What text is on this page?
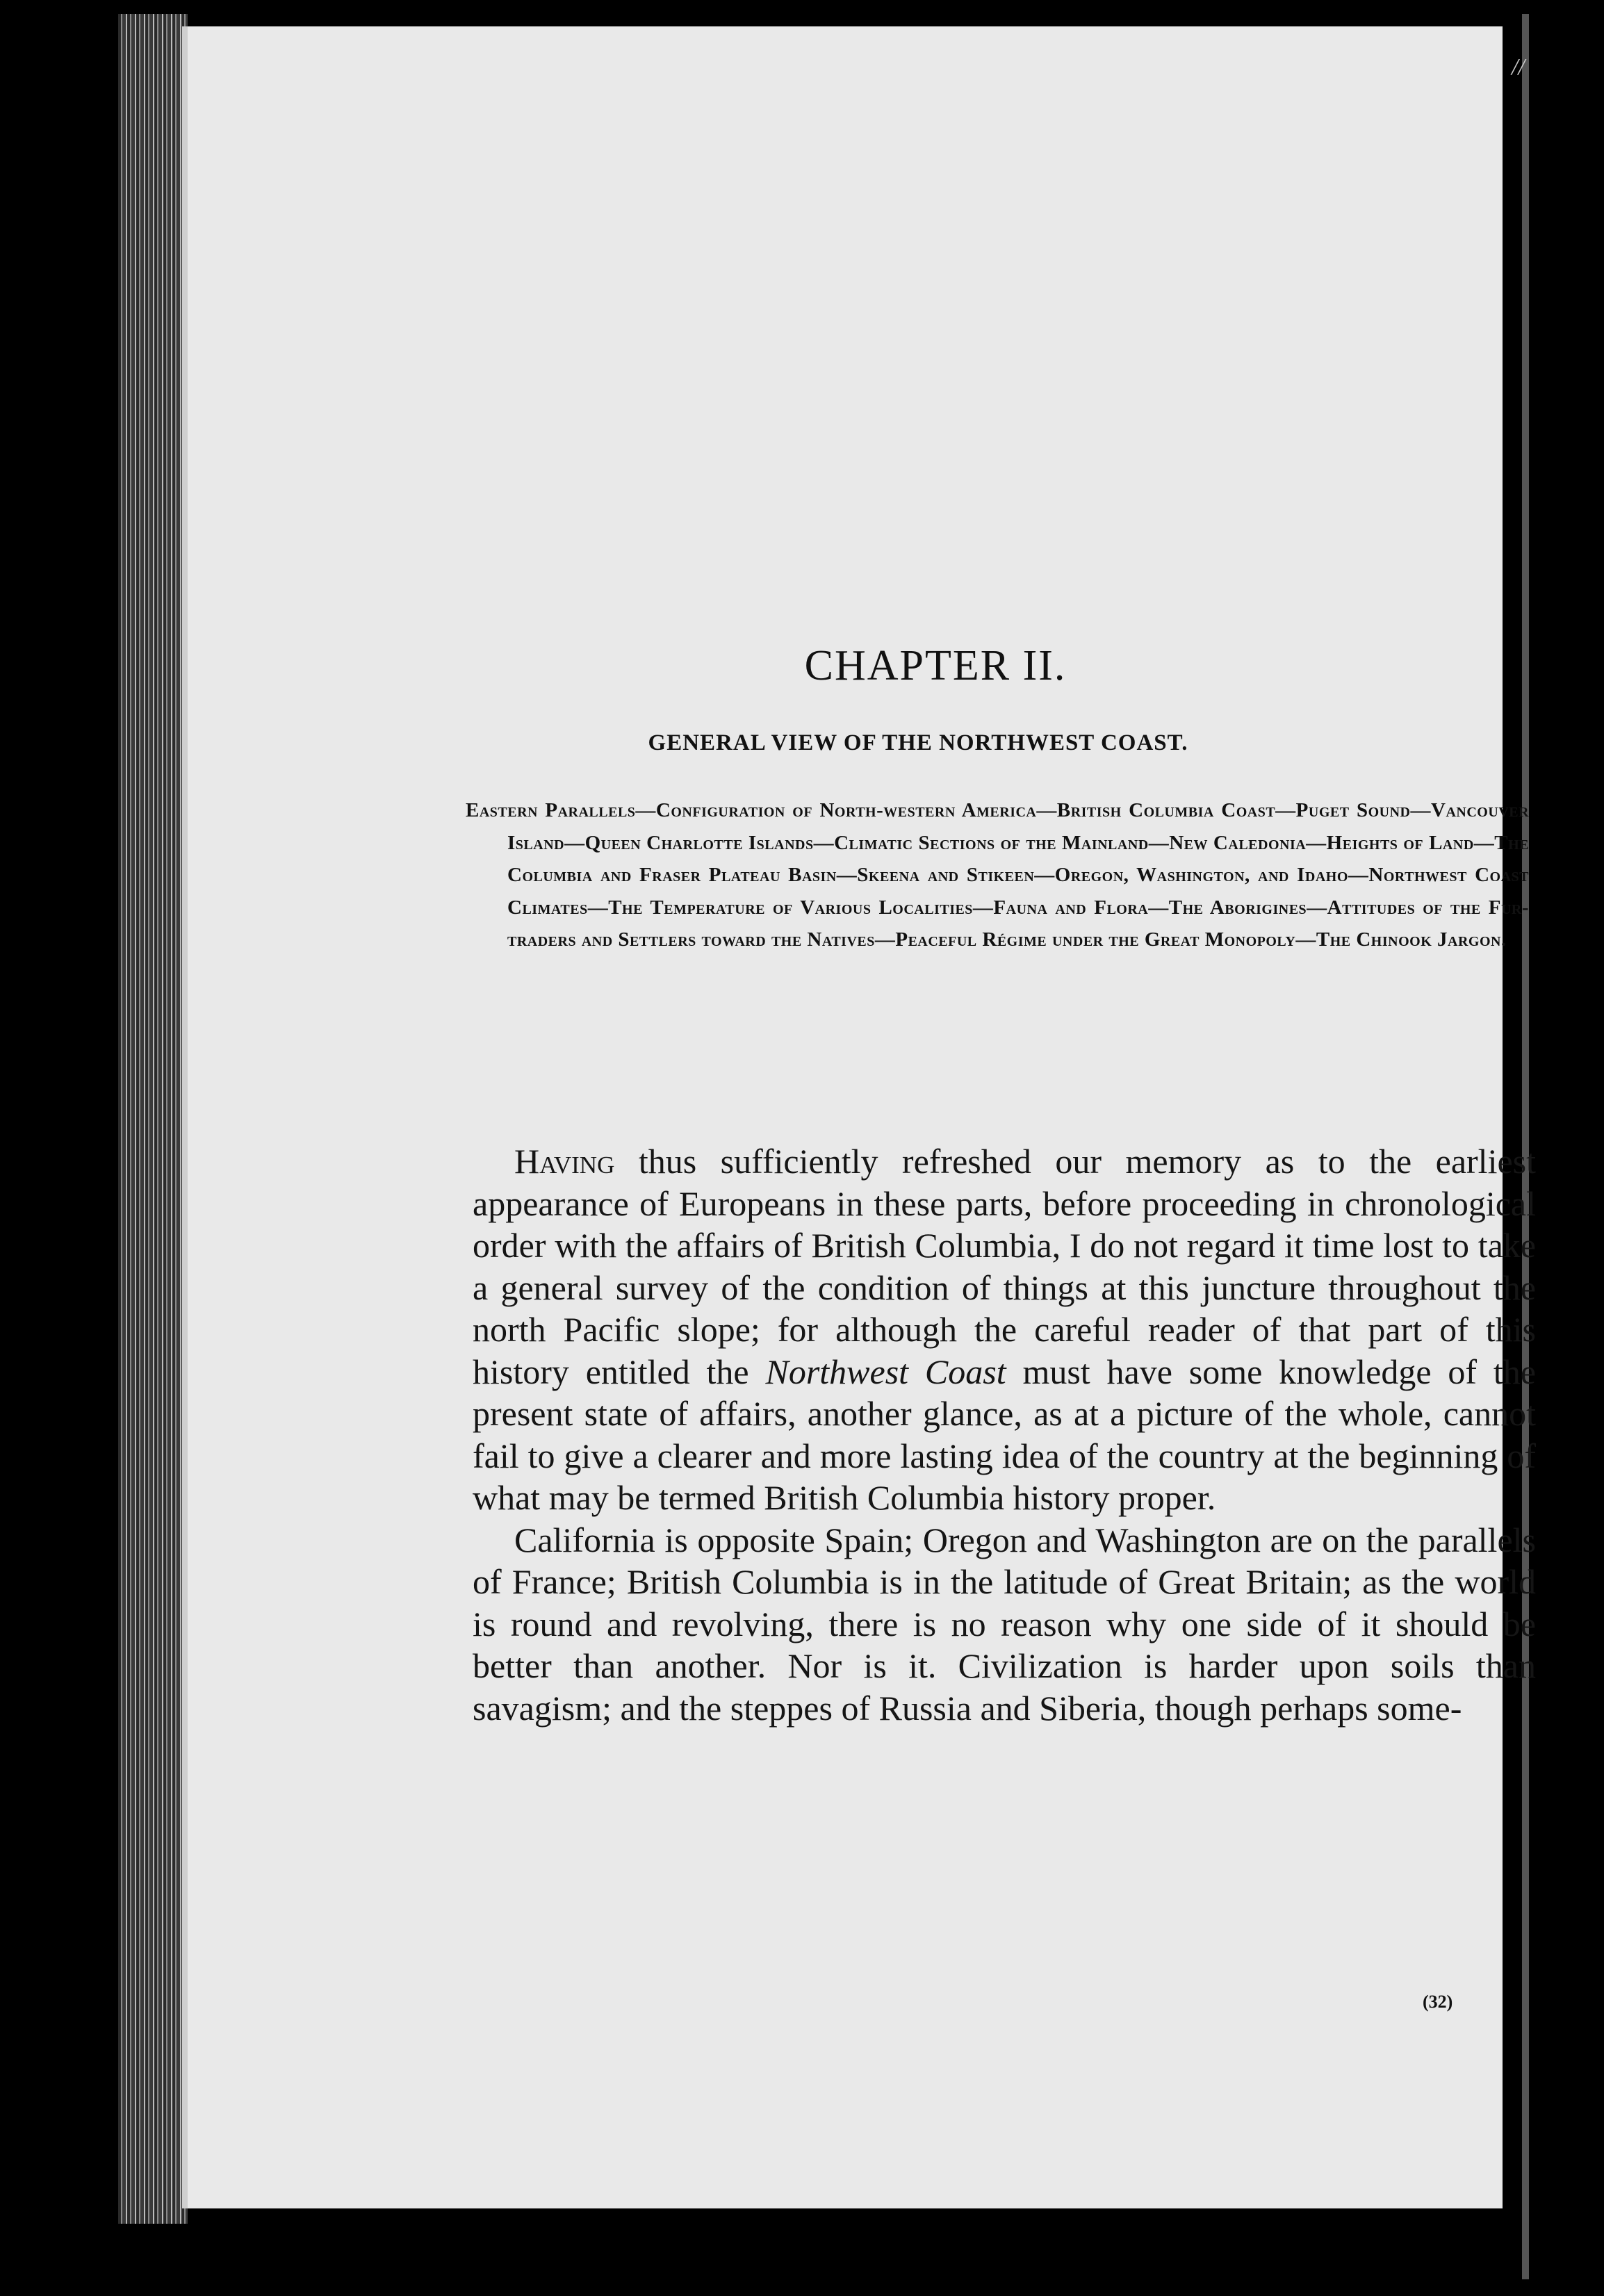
//
CHAPTER II.
GENERAL VIEW OF THE NORTHWEST COAST.
Eastern Parallels—Configuration of North-western America—British Columbia Coast—Puget Sound—Vancouver Island—Queen Charlotte Islands—Climatic Sections of the Mainland—New Caledonia—Heights of Land—The Columbia and Fraser Plateau Basin—Skeena and Stikeen—Oregon, Washington, and Idaho—Northwest Coast Climates—The Temperature of Various Localities—Fauna and Flora—The Aborigines—Attitudes of the Fur-traders and Settlers toward the Natives—Peaceful Régime under the Great Monopoly—The Chinook Jargon.

Having thus sufficiently refreshed our memory as to the earliest appearance of Europeans in these parts, before proceeding in chronological order with the affairs of British Columbia, I do not regard it time lost to take a general survey of the condition of things at this juncture throughout the north Pacific slope; for although the careful reader of that part of this history entitled the Northwest Coast must have some knowledge of the present state of affairs, another glance, as at a picture of the whole, cannot fail to give a clearer and more lasting idea of the country at the beginning of what may be termed British Columbia history proper.

California is opposite Spain; Oregon and Washington are on the parallels of France; British Columbia is in the latitude of Great Britain; as the world is round and revolving, there is no reason why one side of it should be better than another. Nor is it. Civilization is harder upon soils than savagism; and the steppes of Russia and Siberia, though perhaps some-

(32)
